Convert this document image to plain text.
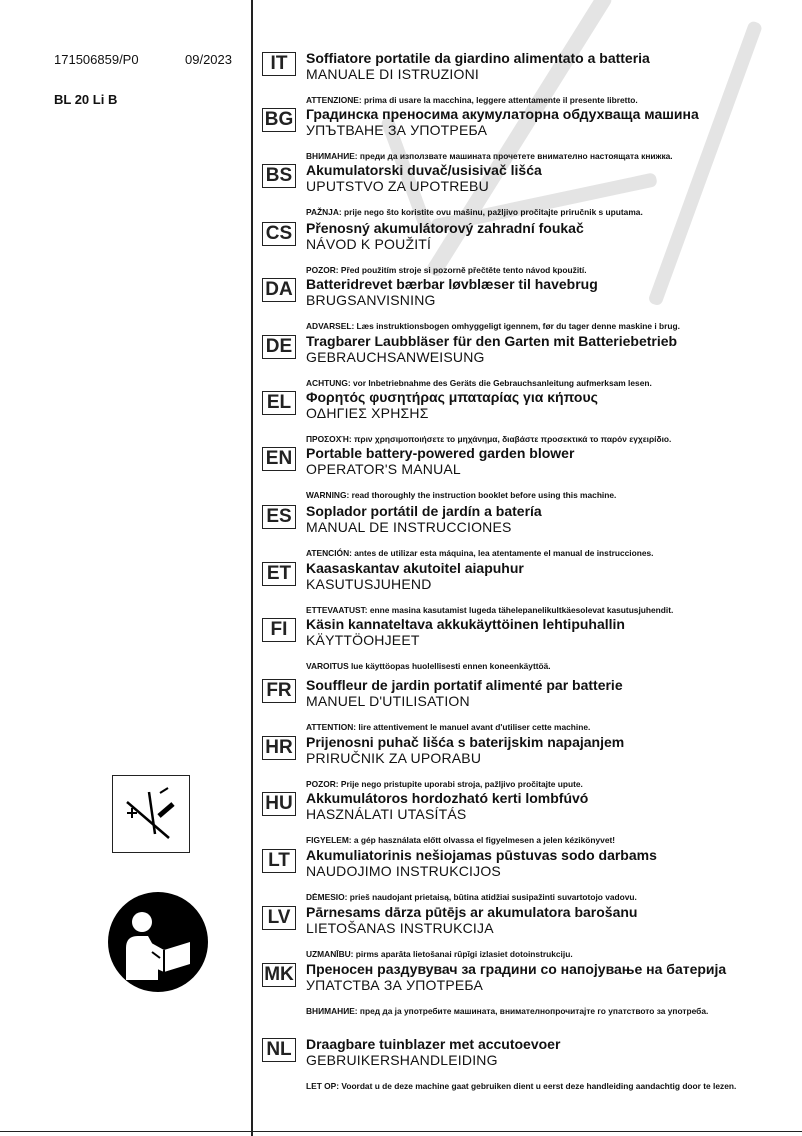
171506859/P0	09/2023
BL 20 Li B
IT	Soffiatore portatile da giardino alimentato a batteria
MANUALE DI ISTRUZIONI
ATTENZIONE: prima di usare la macchina, leggere attentamente il presente libretto.
BG Градинска преносима акумулаторна обдухваща машина
УПЪТВАНЕ ЗА УПОТРЕБА
ВНИМАНИЕ: преди да използвате машината прочетете внимателно настоящата книжка.
BS Akumulatorski duvač/usisivač lišća
UPUTSTVO ZA UPOTREBU
PAŽNJA: prije nego što koristite ovu mašinu, pažljivo pročitajte priručnik s uputama.
CS Přenosný akumulátorový zahradní foukač
NÁVOD K POUŽITÍ
POZOR: Před použitím stroje si pozorně přečtěte tento návod kpoužití.
DA Batteridrevet bærbar løvblæser til havebrug
BRUGSANVISNING
ADVARSEL: Læs instruktionsbogen omhyggeligt igennem, før du tager denne maskine i brug.
DE Tragbarer Laubbläser für den Garten mit Batteriebetrieb
GEBRAUCHSANWEISUNG
ACHTUNG: vor Inbetriebnahme des Geräts die Gebrauchsanleitung aufmerksam lesen.
EL	Φορητός φυσητήρας μπαταρίας για κήπους
ΟΔΗΓΙΕΣ ΧΡΗΣΗΣ
ΠΡΟΣΟΧΉ: πριν χρησιμοποιήσετε το μηχάνημα, διαβάστε προσεκτικά το παρόν εγχειρίδιο.
EN Portable battery-powered garden blower
OPERATOR'S MANUAL
WARNING: read thoroughly the instruction booklet before using this machine.
ES	Soplador portátil de jardín a batería
MANUAL DE INSTRUCCIONES
ATENCIÓN: antes de utilizar esta máquina, lea atentamente el manual de instrucciones.
ET	Kaasaskantav akutoitel aiapuhur
KASUTUSJUHEND
ETTEVAATUST: enne masina kasutamist lugeda tähelepanelikultkäesolevat kasutusjuhendit.
FI	Käsin kannateltava akkukäyttöinen lehtipuhallin
KÄYTTÖOHJEET
VAROITUS lue käyttöopas huolellisesti ennen koneenkäyttöä.
FR	Souffleur de jardin portatif alimenté par batterie
MANUEL D'UTILISATION
ATTENTION: lire attentivement le manuel avant d'utiliser cette machine.
HR Prijenosni puhač lišća s baterijskim napajanjem
PRIRUČNIK ZA UPORABU
POZOR: Prije nego pristupite uporabi stroja, pažljivo pročitajte upute.
HU Akkumulátoros hordozható kerti lombfúvó
HASZNÁLATI UTASÍTÁS
FIGYELEM: a gép használata előtt olvassa el figyelmesen a jelen kézikönyvet!
LT	Akumuliatorinis nešiojamas pūstuvas sodo darbams
NAUDOJIMO INSTRUKCIJOS
DĖMESIO: prieš naudojant prietaisą, būtina atidžiai susipažinti suvartotojo vadovu.
LV	Pārnesams dārza pūtējs ar akumulatora barošanu
LIETOŠANAS INSTRUKCIJA
UZMANĪBU: pirms aparāta lietošanai rūpīgi izlasiet dotoinstrukciju.
MK Преносен раздувувач за градини со напојување на батерија
УПАТСТВА ЗА УПОТРЕБА
ВНИМАНИЕ: пред да ја употребите машината, внимателнопрочитајте го упатството за употреба.
NL	Draagbare tuinblazer met accutoevoer
GEBRUIKERSHANDLEIDING
LET OP: Voordat u de deze machine gaat gebruiken dient u eerst deze handleiding aandachtig door te lezen.
